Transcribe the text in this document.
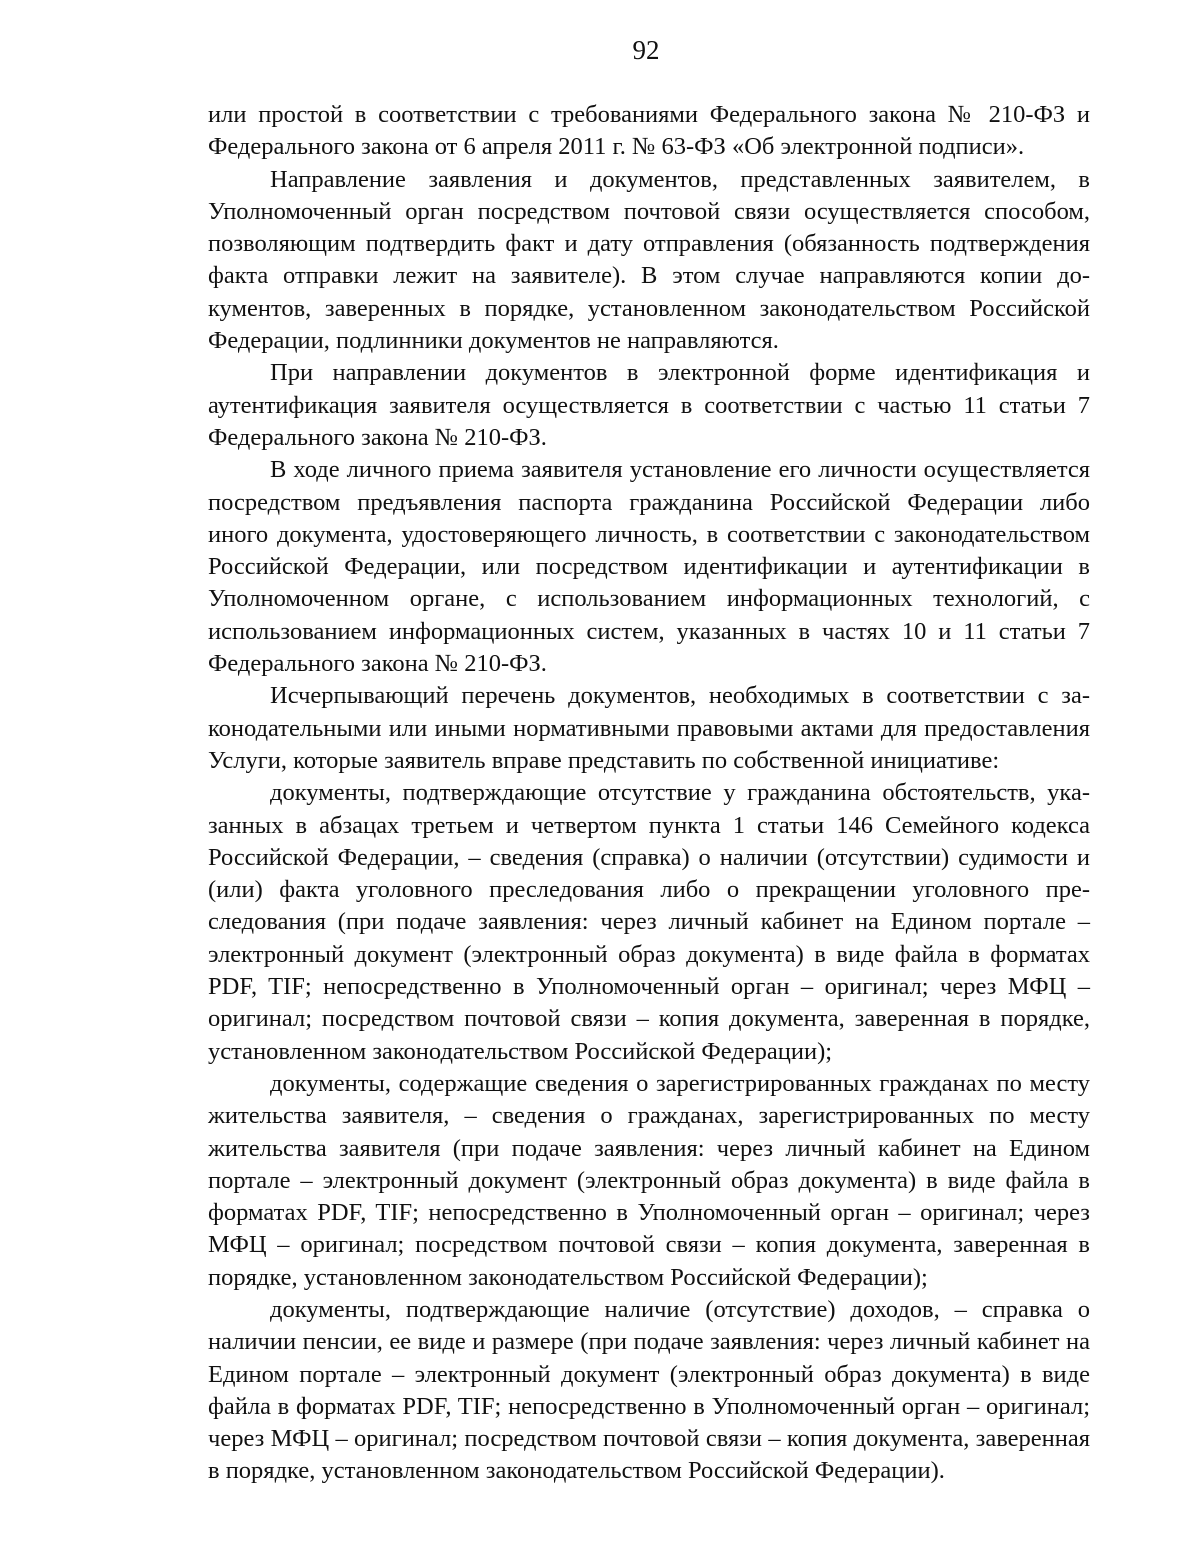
92

или простой в соответствии с требованиями Федерального закона № 210-ФЗ и Федерального закона от 6 апреля 2011 г. № 63-ФЗ «Об электронной подписи».

Направление заявления и документов, представленных заявителем, в Уполномоченный орган посредством почтовой связи осуществляется способом, позволяющим подтвердить факт и дату отправления (обязанность подтверждения факта отправки лежит на заявителе). В этом случае направляются копии документов, заверенных в порядке, установленном законодательством Российской Федерации, подлинники документов не направляются.

При направлении документов в электронной форме идентификация и аутентификация заявителя осуществляется в соответствии с частью 11 статьи 7 Федерального закона № 210-ФЗ.

В ходе личного приема заявителя установление его личности осуществляется посредством предъявления паспорта гражданина Российской Федерации либо иного документа, удостоверяющего личность, в соответствии с законодательством Российской Федерации, или посредством идентификации и аутентификации в Уполномоченном органе, с использованием информационных технологий, с использованием информационных систем, указанных в частях 10 и 11 статьи 7 Федерального закона № 210-ФЗ.

Исчерпывающий перечень документов, необходимых в соответствии с законодательными или иными нормативными правовыми актами для предоставления Услуги, которые заявитель вправе представить по собственной инициативе:

документы, подтверждающие отсутствие у гражданина обстоятельств, указанных в абзацах третьем и четвертом пункта 1 статьи 146 Семейного кодекса Российской Федерации, – сведения (справка) о наличии (отсутствии) судимости и (или) факта уголовного преследования либо о прекращении уголовного преследования (при подаче заявления: через личный кабинет на Едином портале – электронный документ (электронный образ документа) в виде файла в форматах PDF, TIF; непосредственно в Уполномоченный орган – оригинал; через МФЦ – оригинал; посредством почтовой связи – копия документа, заверенная в порядке, установленном законодательством Российской Федерации);

документы, содержащие сведения о зарегистрированных гражданах по месту жительства заявителя, – сведения о гражданах, зарегистрированных по месту жительства заявителя (при подаче заявления: через личный кабинет на Едином портале – электронный документ (электронный образ документа) в виде файла в форматах PDF, TIF; непосредственно в Уполномоченный орган – оригинал; через МФЦ – оригинал; посредством почтовой связи – копия документа, заверенная в порядке, установленном законодательством Российской Федерации);

документы, подтверждающие наличие (отсутствие) доходов, – справка о наличии пенсии, ее виде и размере (при подаче заявления: через личный кабинет на Едином портале – электронный документ (электронный образ документа) в виде файла в форматах PDF, TIF; непосредственно в Уполномоченный орган – оригинал; через МФЦ – оригинал; посредством почтовой связи – копия документа, заверенная в порядке, установленном законодательством Российской Федерации).
